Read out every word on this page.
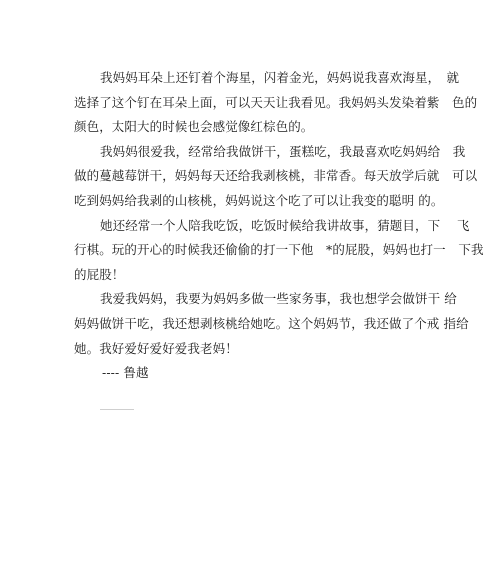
我妈妈耳朵上还钉着个海星，闪着金光，妈妈说我喜欢海星，　就
选择了这个钉在耳朵上面，可以天天让我看见。我妈妈头发染着紫　色的
颜色，太阳大的时候也会感觉像红棕色的。
我妈妈很爱我，经常给我做饼干，蛋糕吃，我最喜欢吃妈妈给　我
做的蔓越莓饼干，妈妈每天还给我剥核桃，非常香。每天放学后就　可以
吃到妈妈给我剥的山核桃，妈妈说这个吃了可以让我变的聪明 的。
她还经常一个人陪我吃饭，吃饭时候给我讲故事，猜题目，下　 飞
行棋。玩的开心的时候我还偷偷的打一下他　*的屁股，妈妈也打一　下我
的屁股！
我爱我妈妈，我要为妈妈多做一些家务事，我也想学会做饼干 给
妈妈做饼干吃，我还想剥核桃给她吃。这个妈妈节，我还做了个戒 指给
她。我好爱好爱好爱我老妈！
---- 鲁越
